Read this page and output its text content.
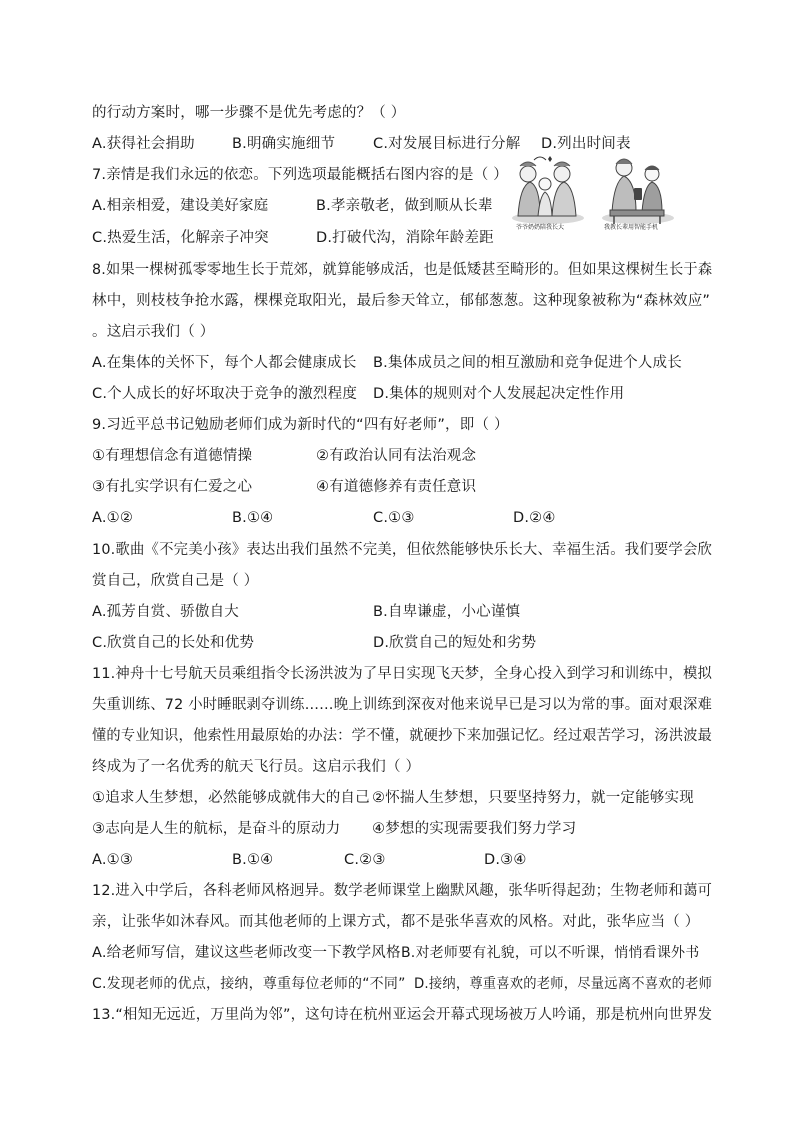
的行动方案时，哪一步骤不是优先考虑的？（ ）
A.获得社会捐助	B.明确实施细节	C.对发展目标进行分解 D.列出时间表
7.亲情是我们永远的依恋。下列选项最能概括右图内容的是（ ）
A.相亲相爱，建设美好家庭	B.孝亲敬老，做到顺从长辈
C.热爱生活，化解亲子冲突	D.打破代沟，消除年龄差距
爷爷奶奶陪我长大	我教长辈用智能手机
8.如果一棵树孤零零地生长于荒郊，就算能够成活，也是低矮甚至畸形的。但如果这棵树生长于森
林中，则枝枝争抢水露，棵棵竞取阳光，最后参天耸立，郁郁葱葱。这种现象被称为“森林效应”
。这启示我们（ ）
A.在集体的关怀下，每个人都会健康成长 B.集体成员之间的相互激励和竞争促进个人成长
C.个人成长的好坏取决于竞争的激烈程度 D.集体的规则对个人发展起决定性作用
9.习近平总书记勉励老师们成为新时代的“四有好老师”，即（ ）
①有理想信念有道德情操	②有政治认同有法治观念
③有扎实学识有仁爱之心	④有道德修养有责任意识
A.①②	B.①④	C.①③	D.②④
10.歌曲《不完美小孩》表达出我们虽然不完美，但依然能够快乐长大、幸福生活。我们要学会欣
赏自己，欣赏自己是（ ）
A.孤芳自赏、骄傲自大	B.自卑谦虚，小心谨慎
C.欣赏自己的长处和优势	D.欣赏自己的短处和劣势
11.神舟十七号航天员乘组指令长汤洪波为了早日实现飞天梦，全身心投入到学习和训练中，模拟
失重训练、72 小时睡眠剥夺训练……晚上训练到深夜对他来说早已是习以为常的事。面对艰深难
懂的专业知识，他索性用最原始的办法：学不懂，就硬抄下来加强记忆。经过艰苦学习，汤洪波最
终成为了一名优秀的航天飞行员。这启示我们（ ）
①追求人生梦想，必然能够成就伟大的自己 ②怀揣人生梦想，只要坚持努力，就一定能够实现
③志向是人生的航标，是奋斗的原动力 ④梦想的实现需要我们努力学习
A.①③	B.①④	C.②③	D.③④
12.进入中学后，各科老师风格迥异。数学老师课堂上幽默风趣，张华听得起劲；生物老师和蔼可
亲，让张华如沐春风。而其他老师的上课方式，都不是张华喜欢的风格。对此，张华应当（ ）
A.给老师写信，建议这些老师改变一下教学风格 B.对老师要有礼貌，可以不听课，悄悄看课外书
C.发现老师的优点，接纳，尊重每位老师的“不同” D.接纳，尊重喜欢的老师，尽量远离不喜欢的老师
13.“相知无远近，万里尚为邻”，这句诗在杭州亚运会开幕式现场被万人吟诵，那是杭州向世界发
